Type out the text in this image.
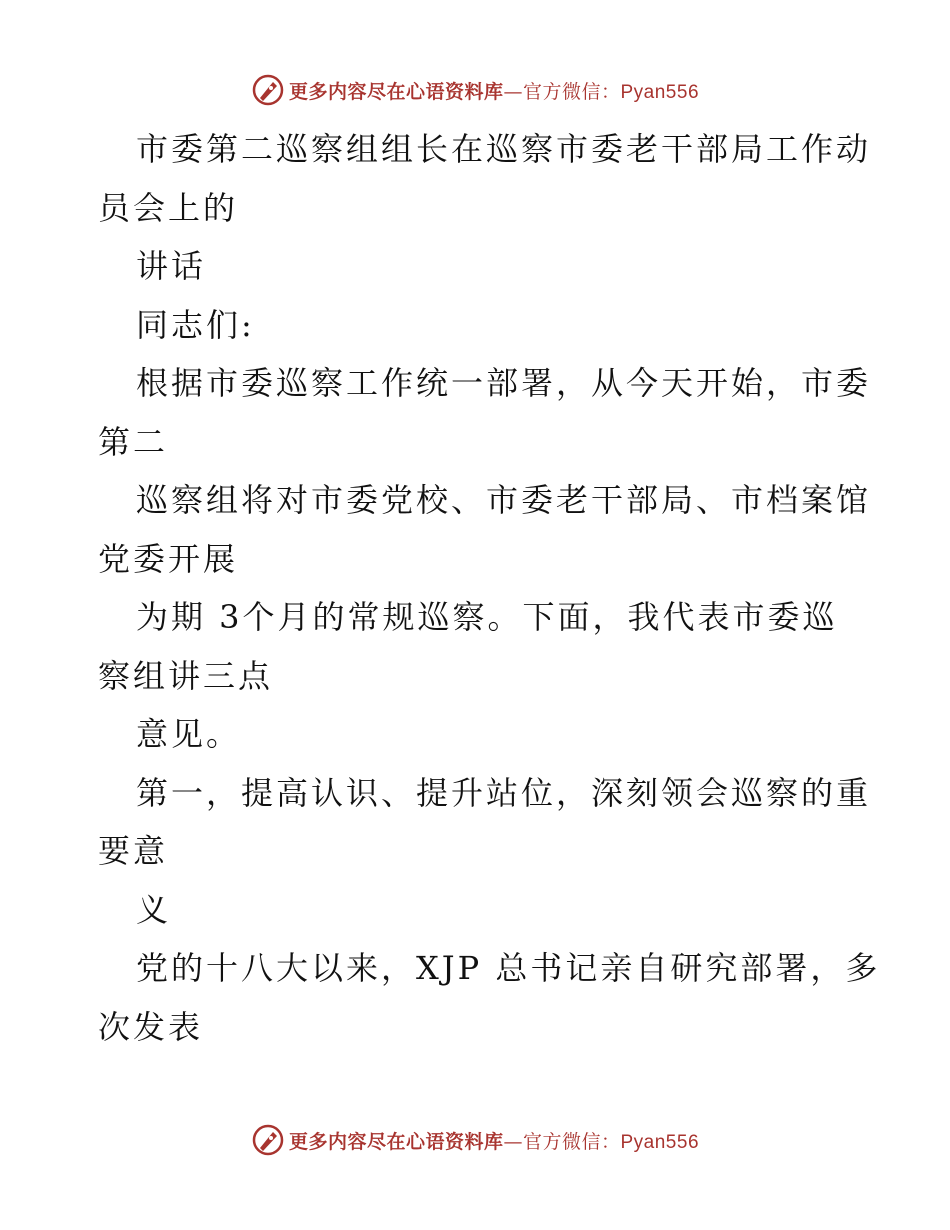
更多内容尽在心语资料库—官方微信：Pyan556

市委第二巡察组组长在巡察市委老干部局工作动

员会上的

讲话

同志们:

根据市委巡察工作统一部署，从今天开始，市委

第二

巡察组将对市委党校、市委老干部局、市档案馆

党委开展

为期 3个月的常规巡察。下面，我代表市委巡

察组讲三点

意见。

第一，提高认识、提升站位，深刻领会巡察的重

要意

义

党的十八大以来，XJP 总书记亲自研究部署，多

次发表

更多内容尽在心语资料库—官方微信：Pyan556
